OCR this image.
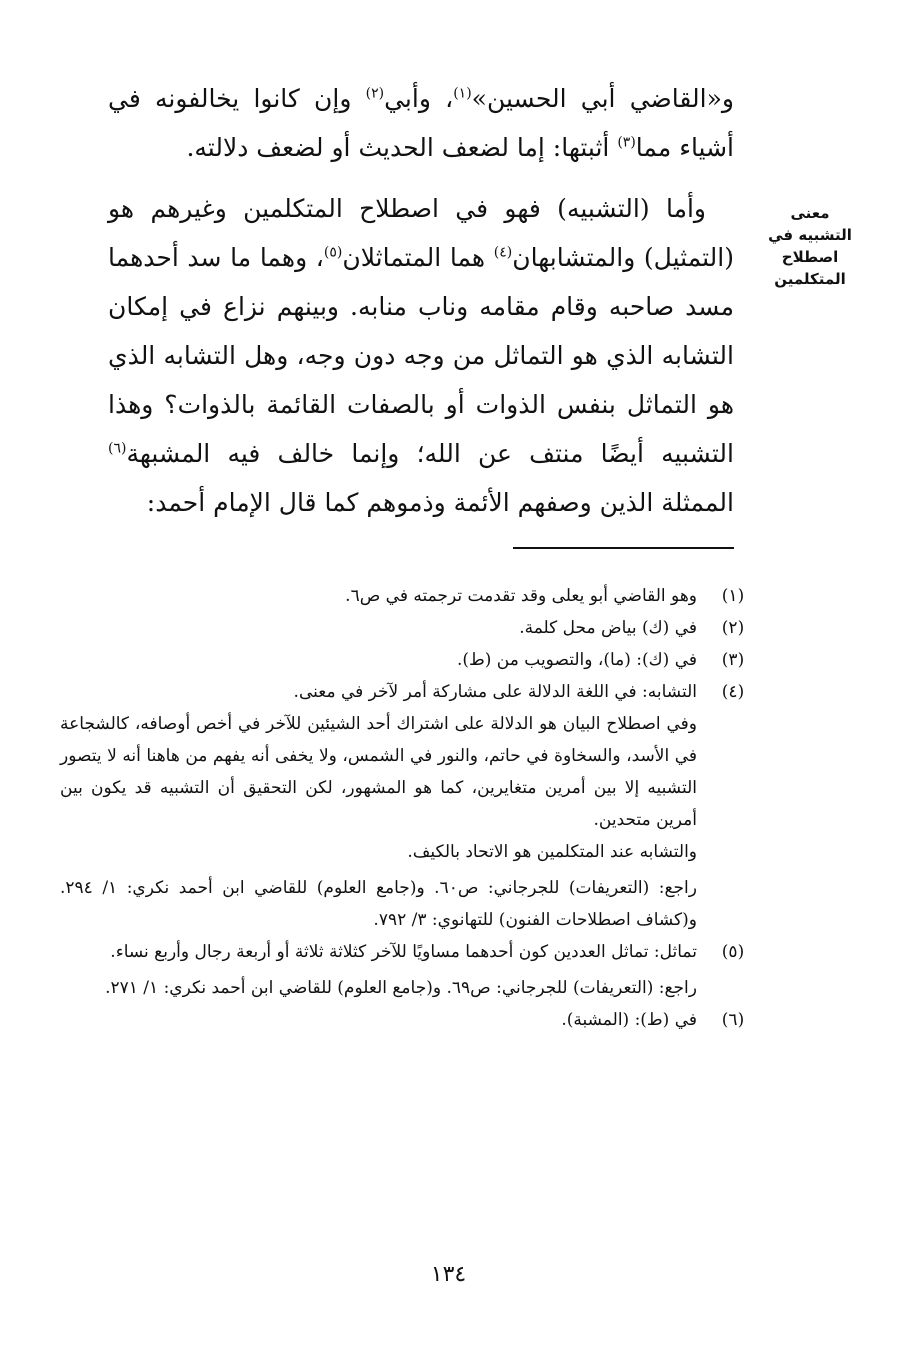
و«القاضي أبي الحسين»$^{(١)}$، وأبي$^{(٢)}$ وإن كانوا يخالفونه في أشياء مما$^{(٣)}$ أثبتها: إما لضعف الحديث أو لضعف دلالته.

معنى التشبيه في اصطلاح المتكلمين

وأما (التشبيه) فهو في اصطلاح المتكلمين وغيرهم هو (التمثيل) والمتشابهان$^{(٤)}$ هما المتماثلان$^{(٥)}$، وهما ما سد أحدهما مسد صاحبه وقام مقامه وناب منابه. وبينهم نزاع في إمكان التشابه الذي هو التماثل من وجه دون وجه، وهل التشابه الذي هو التماثل بنفس الذوات أو بالصفات القائمة بالذوات؟ وهذا التشبيه أيضًا منتف عن الله؛ وإنما خالف فيه المشبهة$^{(٦)}$ الممثلة الذين وصفهم الأئمة وذموهم كما قال الإمام أحمد:

(١)
وهو القاضي أبو يعلى وقد تقدمت ترجمته في ص٦.
(٢)
في (ك) بياض محل كلمة.
(٣)
في (ك): (ما)، والتصويب من (ط).
(٤)
التشابه: في اللغة الدلالة على مشاركة أمر لآخر في معنى.
وفي اصطلاح البيان هو الدلالة على اشتراك أحد الشيئين للآخر في أخص أوصافه، كالشجاعة في الأسد، والسخاوة في حاتم، والنور في الشمس، ولا يخفى أنه يفهم من هاهنا أنه لا يتصور التشبيه إلا بين أمرين متغايرين، كما هو المشهور، لكن التحقيق أن التشبيه قد يكون بين أمرين متحدين.
والتشابه عند المتكلمين هو الاتحاد بالكيف.
راجع: (التعريفات) للجرجاني: ص٦٠. و(جامع العلوم) للقاضي ابن أحمد نكري: ١/ ٢٩٤. و(كشاف اصطلاحات الفنون) للتهانوي: ٣/ ٧٩٢.
(٥)
تماثل: تماثل العددين كون أحدهما مساويًا للآخر كثلاثة ثلاثة أو أربعة رجال وأربع نساء.
راجع: (التعريفات) للجرجاني: ص٦٩. و(جامع العلوم) للقاضي ابن أحمد نكري: ١/ ٢٧١.
(٦)
في (ط): (المشبة).

١٣٤
